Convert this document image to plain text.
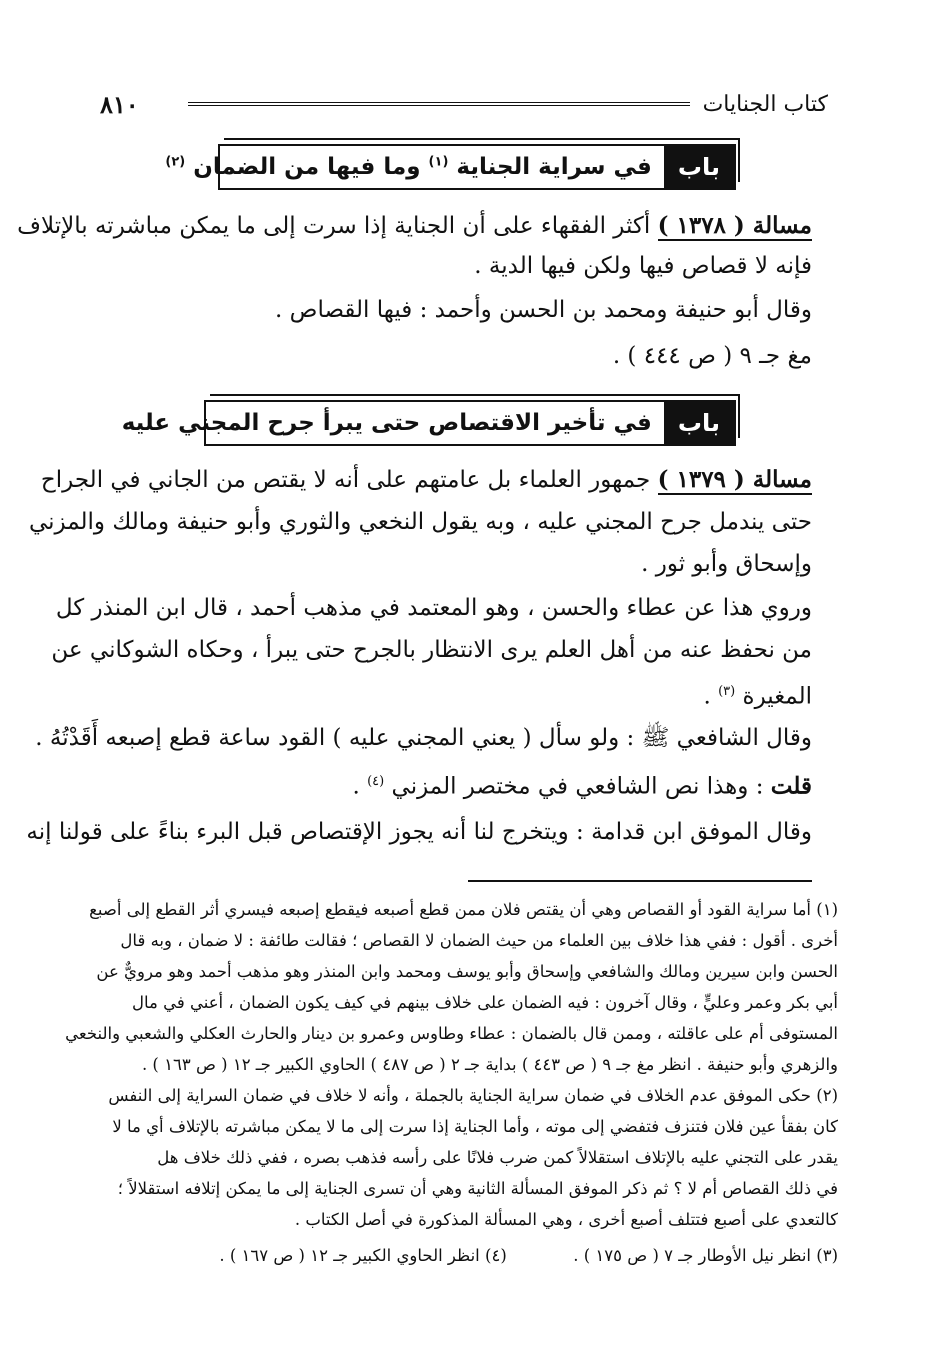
كتاب الجنايات
٨١٠
باب
في سراية الجناية $^{(١)}$ وما فيها من الضمان $^{(٢)}$
مسالة ( ١٣٧٨ ) أكثر الفقهاء على أن الجناية إذا سرت إلى ما يمكن مباشرته بالإتلاف
فإنه لا قصاص فيها ولكن فيها الدية .
وقال أبو حنيفة ومحمد بن الحسن وأحمد : فيها القصاص .
مغ جـ ٩ ( ص ٤٤٤ ) .
باب
في تأخير الاقتصاص حتى يبرأ جرح المجني عليه
مسالة ( ١٣٧٩ ) جمهور العلماء بل عامتهم على أنه لا يقتص من الجاني في الجراح
حتى يندمل جرح المجني عليه ، وبه يقول النخعي والثوري وأبو حنيفة ومالك والمزني
وإسحاق وأبو ثور .
وروي هذا عن عطاء والحسن ، وهو المعتمد في مذهب أحمد ، قال ابن المنذر كل
من نحفظ عنه من أهل العلم يرى الانتظار بالجرح حتى يبرأ ، وحكاه الشوكاني عن
المغيرة $^{(٣)}$ .
وقال الشافعي ﷺ : ولو سأل ( يعني المجني عليه ) القود ساعة قطع إصبعه أَقَدْتُهُ .
قلت : وهذا نص الشافعي في مختصر المزني $^{(٤)}$ .
وقال الموفق ابن قدامة : ويتخرج لنا أنه يجوز الإقتصاص قبل البرء بناءً على قولنا إنه
(١) أما سراية القود أو القصاص وهي أن يقتص فلان ممن قطع أصبعه فيقطع إصبعه فيسري أثر القطع إلى أصبع
أخرى . أقول : ففي هذا خلاف بين العلماء من حيث الضمان لا القصاص ؛ فقالت طائفة : لا ضمان ، وبه قال
الحسن وابن سيرين ومالك والشافعي وإسحاق وأبو يوسف ومحمد وابن المنذر وهو مذهب أحمد وهو مرويٌّ عن
أبي بكر وعمر وعليٍّ ، وقال آخرون : فيه الضمان على خلاف بينهم في كيف يكون الضمان ، أعني في مال
المستوفى أم على عاقلته ، وممن قال بالضمان : عطاء وطاوس وعمرو بن دينار والحارث العكلي والشعبي والنخعي
والزهري وأبو حنيفة . انظر مغ جـ ٩ ( ص ٤٤٣ ) بداية جـ ٢ ( ص ٤٨٧ ) الحاوي الكبير جـ ١٢ ( ص ١٦٣ ) .
(٢) حكى الموفق عدم الخلاف في ضمان سراية الجناية بالجملة ، وأنه لا خلاف في ضمان السراية إلى النفس
كان بفقأ عين فلان فتنزف فتفضي إلى موته ، وأما الجناية إذا سرت إلى ما لا يمكن مباشرته بالإتلاف أي ما لا
يقدر على التجني عليه بالإتلاف استقلالاً كمن ضرب فلانًا على رأسه فذهب بصره ، ففي ذلك خلاف هل
في ذلك القصاص أم لا ؟ ثم ذكر الموفق المسألة الثانية وهي أن تسرى الجناية إلى ما يمكن إتلافه استقلالاً ؛
كالتعدي على أصبع فتتلف أصبع أخرى ، وهي المسألة المذكورة في أصل الكتاب .
(٣) انظر نيل الأوطار جـ ٧ ( ص ١٧٥ ) .  (٤) انظر الحاوي الكبير جـ ١٢ ( ص ١٦٧ ) .
